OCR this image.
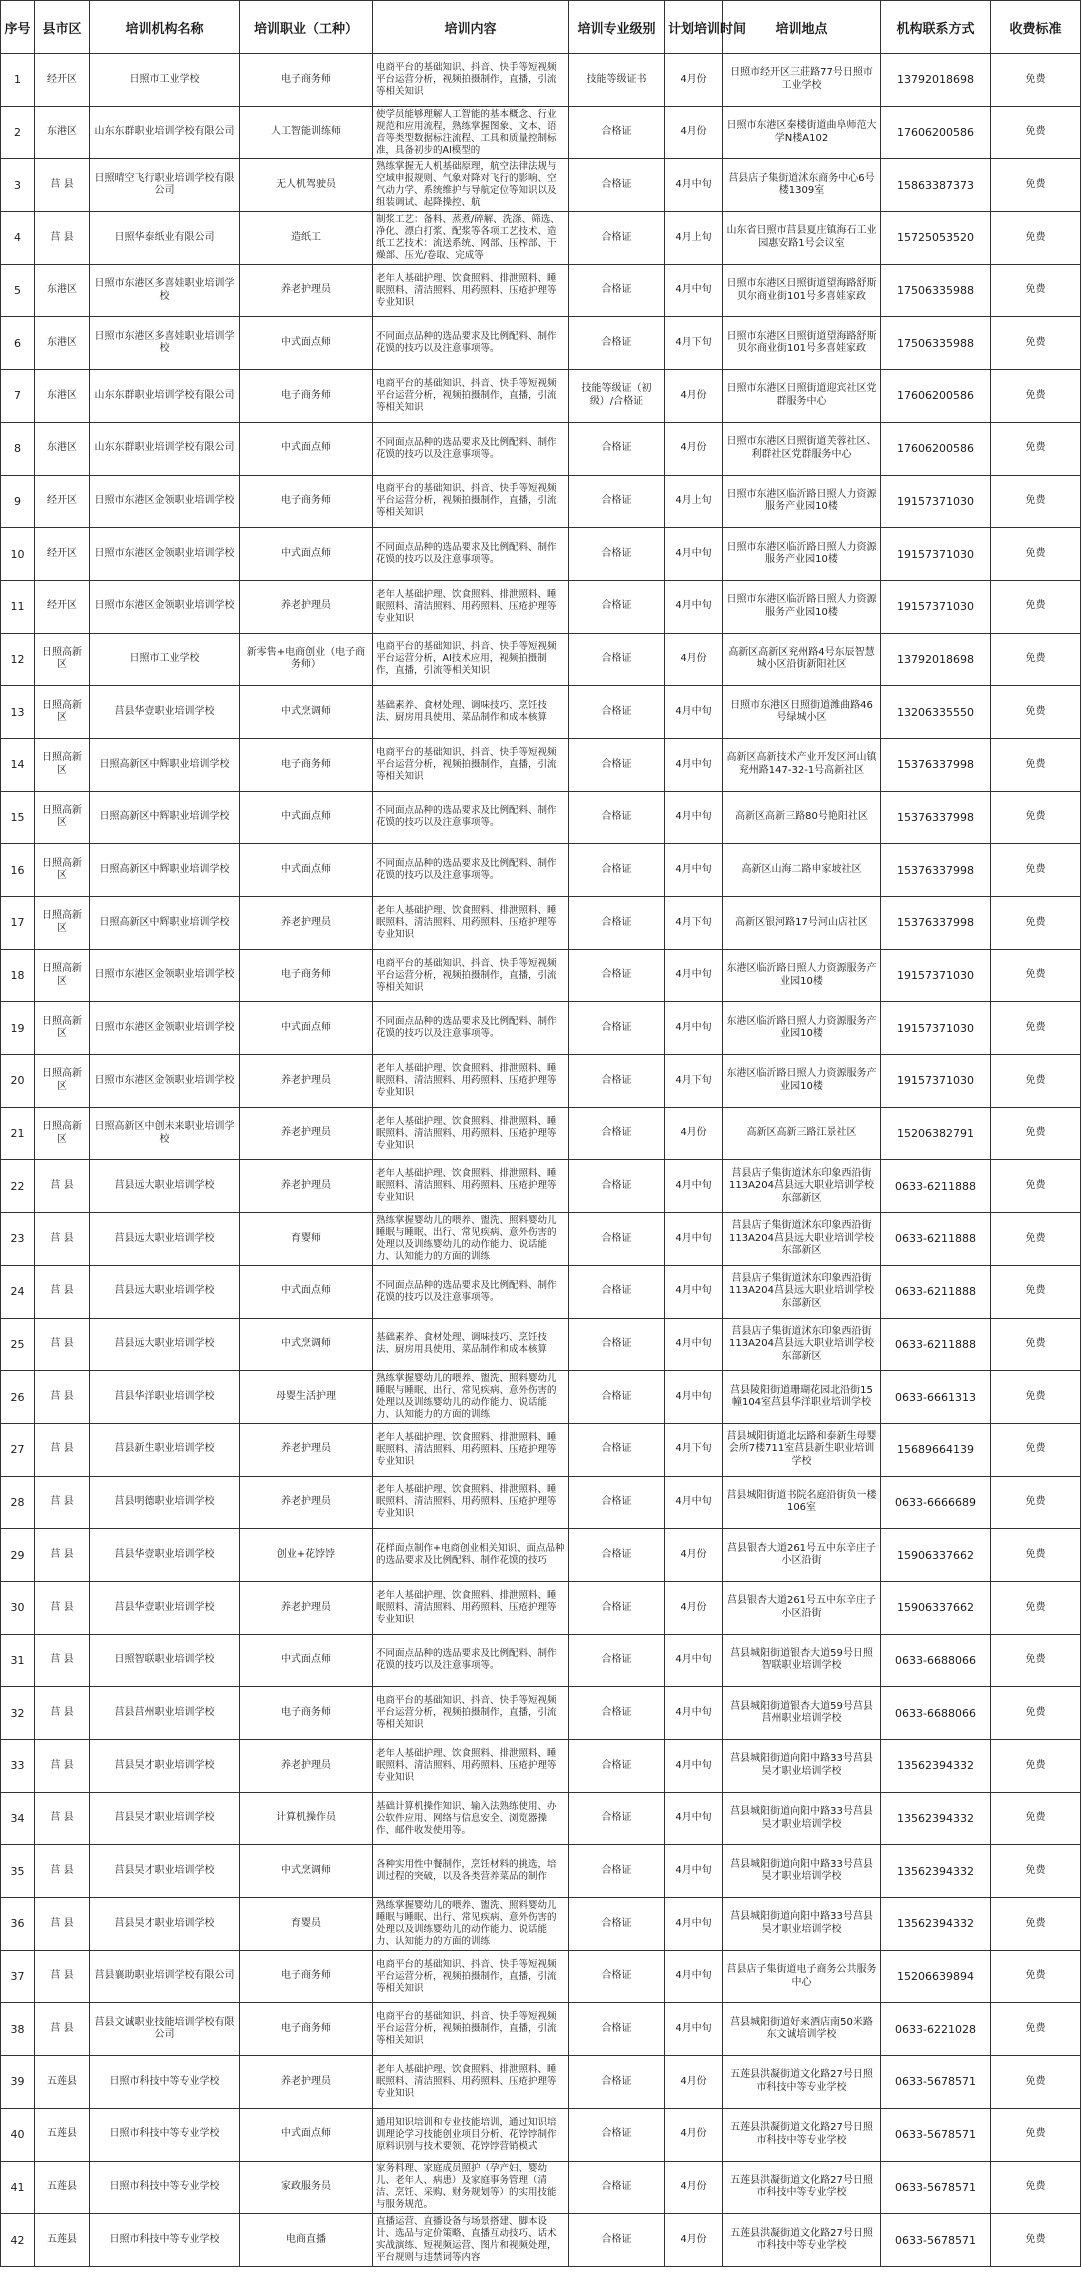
序号	县市区	培训机构名称	培训职业（工种）	培训内容	培训专业级别	计划培训时间	培训地点	机构联系方式	收费标准
1	经开区	日照市工业学校	电子商务师	电商平台的基础知识、抖音、快手等短视频平台运营分析，视频拍摄制作，直播，引流等相关知识	技能等级证书	4月份	日照市经开区三莊路77号日照市工业学校	13792018698	免费
2	东港区	山东东群职业培训学校有限公司	人工智能训练师	使学员能够理解人工智能的基本概念、行业规范和应用流程，熟练掌握图象、文本、语音等类型数据标注流程、工具和质量控制标准，具备初步的AI模型的	合格证	4月份	日照市东港区秦楼街道曲阜师范大学N楼A102	17606200586	免费
3	莒 县	日照晴空飞行职业培训学校有限公司	无人机驾驶员	熟练掌握无人机基础原理，航空法律法规与空域申报规则、气象对降对飞行的影响、空气动力学、系统维护与导航定位等知识以及组装调试、起降操控、航	合格证	4月中旬	莒县店子集街道沭东商务中心6号楼1309室	15863387373	免费
4	莒 县	日照华泰纸业有限公司	造纸工	制浆工艺：备料、蒸煮/碎解、洗涤、筛选、净化、漂白打浆、配浆等各项工艺技术、造纸工艺技术：流送系统、网部、压榨部、干燥部、压光/卷取、完成等	合格证	4月上旬	山东省日照市莒县夏庄镇海石工业园惠安路1号会议室	15725053520	免费
5	东港区	日照市东港区多喜娃职业培训学校	养老护理员	老年人基础护理、饮食照料、排泄照料、睡眠照料、清洁照料、用药照料、压疮护理等专业知识	合格证	4月中旬	日照市东港区日照街道望海路舒斯贝尔商业街101号多喜娃家政	17506335988	免费
6	东港区	日照市东港区多喜娃职业培训学校	中式面点师	不同面点品种的选品要求及比例配料、制作花馍的技巧以及注意事项等。	合格证	4月下旬	日照市东港区日照街道望海路舒斯贝尔商业街101号多喜娃家政	17506335988	免费
7	东港区	山东东群职业培训学校有限公司	电子商务师	电商平台的基础知识、抖音、快手等短视频平台运营分析，视频拍摄制作，直播，引流等相关知识	技能等级证（初级）/合格证	4月份	日照市东港区日照街道迎宾社区党群服务中心	17606200586	免费
8	东港区	山东东群职业培训学校有限公司	中式面点师	不同面点品种的选品要求及比例配料、制作花馍的技巧以及注意事项等。	合格证	4月份	日照市东港区日照街道芙蓉社区、利群社区党群服务中心	17606200586	免费
9	经开区	日照市东港区金领职业培训学校	电子商务师	电商平台的基础知识、抖音、快手等短视频平台运营分析，视频拍摄制作，直播，引流等相关知识	合格证	4月上旬	日照市东港区临沂路日照人力资源服务产业园10楼	19157371030	免费
10	经开区	日照市东港区金领职业培训学校	中式面点师	不同面点品种的选品要求及比例配料、制作花馍的技巧以及注意事项等。	合格证	4月中旬	日照市东港区临沂路日照人力资源服务产业园10楼	19157371030	免费
11	经开区	日照市东港区金领职业培训学校	养老护理员	老年人基础护理、饮食照料、排泄照料、睡眠照料、清洁照料、用药照料、压疮护理等专业知识	合格证	4月中旬	日照市东港区临沂路日照人力资源服务产业园10楼	19157371030	免费
12	日照高新区	日照市工业学校	新零售+电商创业（电子商务师）	电商平台的基础知识、抖音、快手等短视频平台运营分析，AI技术应用，视频拍摄制作，直播，引流等相关知识	合格证	4月份	高新区高新区兖州路4号东辰智慧城小区沿街新阳社区	13792018698	免费
13	日照高新区	莒县华壹职业培训学校	中式烹调师	基础素养、食材处理、调味技巧、烹饪技法、厨房用具使用、菜品制作和成本核算	合格证	4月中旬	日照市东港区日照街道潍曲路46号绿城小区	13206335550	免费
14	日照高新区	日照高新区中辉职业培训学校	电子商务师	电商平台的基础知识、抖音、快手等短视频平台运营分析，视频拍摄制作，直播，引流等相关知识	合格证	4月中旬	高新区高新技术产业开发区河山镇兖州路147-32-1号高新社区	15376337998	免费
15	日照高新区	日照高新区中辉职业培训学校	中式面点师	不同面点品种的选品要求及比例配料、制作花馍的技巧以及注意事项等。	合格证	4月中旬	高新区高新三路80号艳阳社区	15376337998	免费
16	日照高新区	日照高新区中辉职业培训学校	中式面点师	不同面点品种的选品要求及比例配料、制作花馍的技巧以及注意事项等。	合格证	4月中旬	高新区山海二路申家坡社区	15376337998	免费
17	日照高新区	日照高新区中辉职业培训学校	养老护理员	老年人基础护理、饮食照料、排泄照料、睡眠照料、清洁照料、用药照料、压疮护理等专业知识	合格证	4月下旬	高新区银河路17号河山店社区	15376337998	免费
18	日照高新区	日照市东港区金领职业培训学校	电子商务师	电商平台的基础知识、抖音、快手等短视频平台运营分析，视频拍摄制作，直播，引流等相关知识	合格证	4月中旬	东港区临沂路日照人力资源服务产业园10楼	19157371030	免费
19	日照高新区	日照市东港区金领职业培训学校	中式面点师	不同面点品种的选品要求及比例配料、制作花馍的技巧以及注意事项等。	合格证	4月中旬	东港区临沂路日照人力资源服务产业园10楼	19157371030	免费
20	日照高新区	日照市东港区金领职业培训学校	养老护理员	老年人基础护理、饮食照料、排泄照料、睡眠照料、清洁照料、用药照料、压疮护理等专业知识	合格证	4月下旬	东港区临沂路日照人力资源服务产业园10楼	19157371030	免费
21	日照高新区	日照高新区中创未来职业培训学校	养老护理员	老年人基础护理、饮食照料、排泄照料、睡眠照料、清洁照料、用药照料、压疮护理等专业知识	合格证	4月份	高新区高新三路江景社区	15206382791	免费
22	莒 县	莒县远大职业培训学校	养老护理员	老年人基础护理、饮食照料、排泄照料、睡眠照料、清洁照料、用药照料、压疮护理等专业知识	合格证	4月中旬	莒县店子集街道沭东印象西沿街113A204莒县远大职业培训学校东部新区	0633-6211888	免费
23	莒 县	莒县远大职业培训学校	育婴师	熟练掌握婴幼儿的喂养、盥洗、照料婴幼儿睡眠与睡眠、出行、常见疾病、意外伤害的处理以及训练婴幼儿的动作能力、说话能力、认知能力的方面的训练	合格证	4月中旬	莒县店子集街道沭东印象西沿街113A204莒县远大职业培训学校东部新区	0633-6211888	免费
24	莒 县	莒县远大职业培训学校	中式面点师	不同面点品种的选品要求及比例配料、制作花馍的技巧以及注意事项等。	合格证	4月中旬	莒县店子集街道沭东印象西沿街113A204莒县远大职业培训学校东部新区	0633-6211888	免费
25	莒 县	莒县远大职业培训学校	中式烹调师	基础素养、食材处理、调味技巧、烹饪技法、厨房用具使用、菜品制作和成本核算	合格证	4月中旬	莒县店子集街道沭东印象西沿街113A204莒县远大职业培训学校东部新区	0633-6211888	免费
26	莒 县	莒县华洋职业培训学校	母婴生活护理	熟练掌握婴幼儿的喂养、盥洗、照料婴幼儿睡眠与睡眠、出行、常见疾病、意外伤害的处理以及训练婴幼儿的动作能力、说话能力、认知能力的方面的训练	合格证	4月中旬	莒县陵阳街道珊瑚花园北沿街15幢104室莒县华洋职业培训学校	0633-6661313	免费
27	莒 县	莒县新生职业培训学校	养老护理员	老年人基础护理、饮食照料、排泄照料、睡眠照料、清洁照料、用药照料、压疮护理等专业知识	合格证	4月下旬	莒县城阳街道北坛路和泰新生母婴会所7楼711室莒县新生职业培训学校	15689664139	免费
28	莒 县	莒县明德职业培训学校	养老护理员	老年人基础护理、饮食照料、排泄照料、睡眠照料、清洁照料、用药照料、压疮护理等专业知识	合格证	4月中旬	莒县城阳街道书院名庭沿街负一楼106室	0633-6666689	免费
29	莒 县	莒县华壹职业培训学校	创业+花饽饽	花样面点制作+电商创业相关知识、面点品种的选品要求及比例配料、制作花馍的技巧	合格证	4月份	莒县银杏大道261号五中东辛庄子小区沿街	15906337662	免费
30	莒 县	莒县华壹职业培训学校	养老护理员	老年人基础护理、饮食照料、排泄照料、睡眠照料、清洁照料、用药照料、压疮护理等专业知识	合格证	4月份	莒县银杏大道261号五中东辛庄子小区沿街	15906337662	免费
31	莒 县	日照智联职业培训学校	中式面点师	不同面点品种的选品要求及比例配料、制作花馍的技巧以及注意事项等。	合格证	4月中旬	莒县城阳街道银杏大道59号日照智联职业培训学校	0633-6688066	免费
32	莒 县	莒县莒州职业培训学校	电子商务师	电商平台的基础知识、抖音、快手等短视频平台运营分析，视频拍摄制作，直播，引流等相关知识	合格证	4月中旬	莒县城阳街道银杏大道59号莒县莒州职业培训学校	0633-6688066	免费
33	莒 县	莒县昊才职业培训学校	养老护理员	老年人基础护理、饮食照料、排泄照料、睡眠照料、清洁照料、用药照料、压疮护理等专业知识	合格证	4月中旬	莒县城阳街道向阳中路33号莒县昊才职业培训学校	13562394332	免费
34	莒 县	莒县昊才职业培训学校	计算机操作员	基础计算机操作知识、输入法熟练使用、办公软件应用、网络与信息安全、浏览器操作、邮件收发使用等。	合格证	4月中旬	莒县城阳街道向阳中路33号莒县昊才职业培训学校	13562394332	免费
35	莒 县	莒县昊才职业培训学校	中式烹调师	各种实用性中餐制作，烹饪材料的挑选，培训过程的突破，以及各类营养菜品的制作	合格证	4月中旬	莒县城阳街道向阳中路33号莒县昊才职业培训学校	13562394332	免费
36	莒 县	莒县昊才职业培训学校	育婴员	熟练掌握婴幼儿的喂养、盥洗、照料婴幼儿睡眠与睡眠、出行、常见疾病、意外伤害的处理以及训练婴幼儿的动作能力、说话能力、认知能力的方面的训练	合格证	4月中旬	莒县城阳街道向阳中路33号莒县昊才职业培训学校	13562394332	免费
37	莒 县	莒县襄助职业培训学校有限公司	电子商务师	电商平台的基础知识、抖音、快手等短视频平台运营分析，视频拍摄制作，直播，引流等相关知识	合格证	4月中旬	莒县店子集街道电子商务公共服务中心	15206639894	免费
38	莒 县	莒县文诚职业技能培训学校有限公司	电子商务师	电商平台的基础知识、抖音、快手等短视频平台运营分析，视频拍摄制作，直播，引流等相关知识	合格证	4月中旬	莒县城阳街道好来酒店南50米路东文诚培训学校	0633-6221028	免费
39	五莲县	日照市科技中等专业学校	养老护理员	老年人基础护理、饮食照料、排泄照料、睡眠照料、清洁照料、用药照料、压疮护理等专业知识	合格证	4月份	五莲县洪凝街道文化路27号日照市科技中等专业学校	0633-5678571	免费
40	五莲县	日照市科技中等专业学校	中式面点师	通用知识培训和专业技能培训，通过知识培训理论学习技能创业项目分析、花饽饽制作原料识别与技术要领、花饽饽营销模式	合格证	4月份	五莲县洪凝街道文化路27号日照市科技中等专业学校	0633-5678571	免费
41	五莲县	日照市科技中等专业学校	家政服务员	家务料理、家庭成员照护（孕产妇、婴幼儿、老年人、病患）及家庭事务管理（清洁、烹饪、采购、财务规划等）的实用技能与服务规范。	合格证	4月份	五莲县洪凝街道文化路27号日照市科技中等专业学校	0633-5678571	免费
42	五莲县	日照市科技中等专业学校	电商直播	直播运营、直播设备与场景搭建、脚本设计、选品与定价策略、直播互动技巧、话术实战演练、短视频运营、图片和视频处理，平台规则与违禁词等内容	合格证	4月份	五莲县洪凝街道文化路27号日照市科技中等专业学校	0633-5678571	免费
